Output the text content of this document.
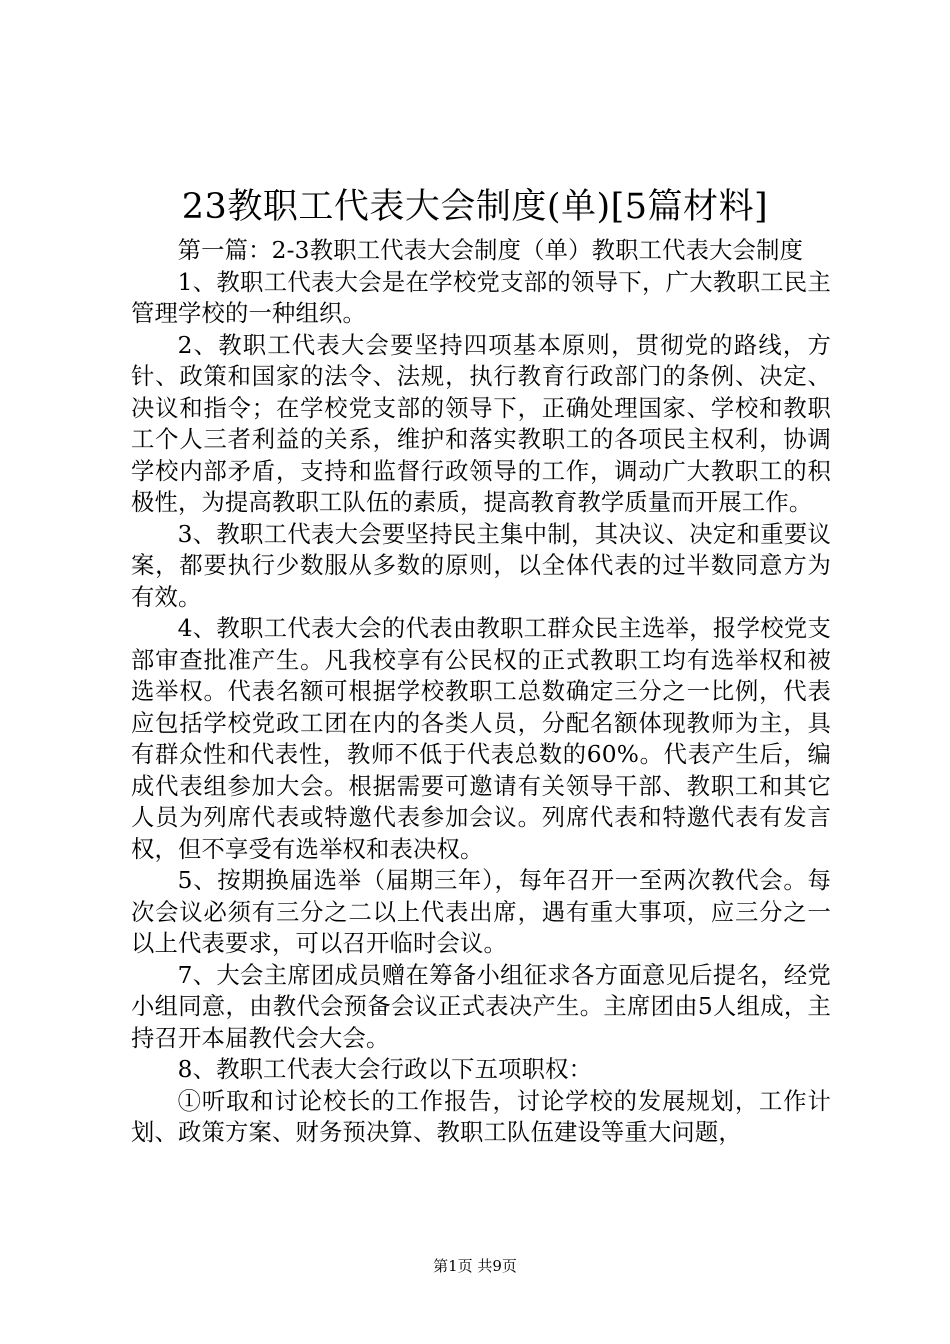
23教职工代表大会制度(单)[5篇材料]

第一篇：2-3教职工代表大会制度（单）教职工代表大会制度

1、教职工代表大会是在学校党支部的领导下，广大教职工民主管理学校的一种组织。

2、教职工代表大会要坚持四项基本原则，贯彻党的路线，方针、政策和国家的法令、法规，执行教育行政部门的条例、决定、决议和指令；在学校党支部的领导下，正确处理国家、学校和教职工个人三者利益的关系，维护和落实教职工的各项民主权利，协调学校内部矛盾，支持和监督行政领导的工作，调动广大教职工的积极性，为提高教职工队伍的素质，提高教育教学质量而开展工作。

3、教职工代表大会要坚持民主集中制，其决议、决定和重要议案，都要执行少数服从多数的原则，以全体代表的过半数同意方为有效。

4、教职工代表大会的代表由教职工群众民主选举，报学校党支部审查批准产生。凡我校享有公民权的正式教职工均有选举权和被选举权。代表名额可根据学校教职工总数确定三分之一比例，代表应包括学校党政工团在内的各类人员，分配名额体现教师为主，具有群众性和代表性，教师不低于代表总数的60%。代表产生后，编成代表组参加大会。根据需要可邀请有关领导干部、教职工和其它人员为列席代表或特邀代表参加会议。列席代表和特邀代表有发言权，但不享受有选举权和表决权。

5、按期换届选举（届期三年），每年召开一至两次教代会。每次会议必须有三分之二以上代表出席，遇有重大事项，应三分之一以上代表要求，可以召开临时会议。

7、大会主席团成员赠在筹备小组征求各方面意见后提名，经党小组同意，由教代会预备会议正式表决产生。主席团由5人组成，主持召开本届教代会大会。

8、教职工代表大会行政以下五项职权：

①听取和讨论校长的工作报告，讨论学校的发展规划，工作计划、政策方案、财务预决算、教职工队伍建设等重大问题，

第1页 共9页
